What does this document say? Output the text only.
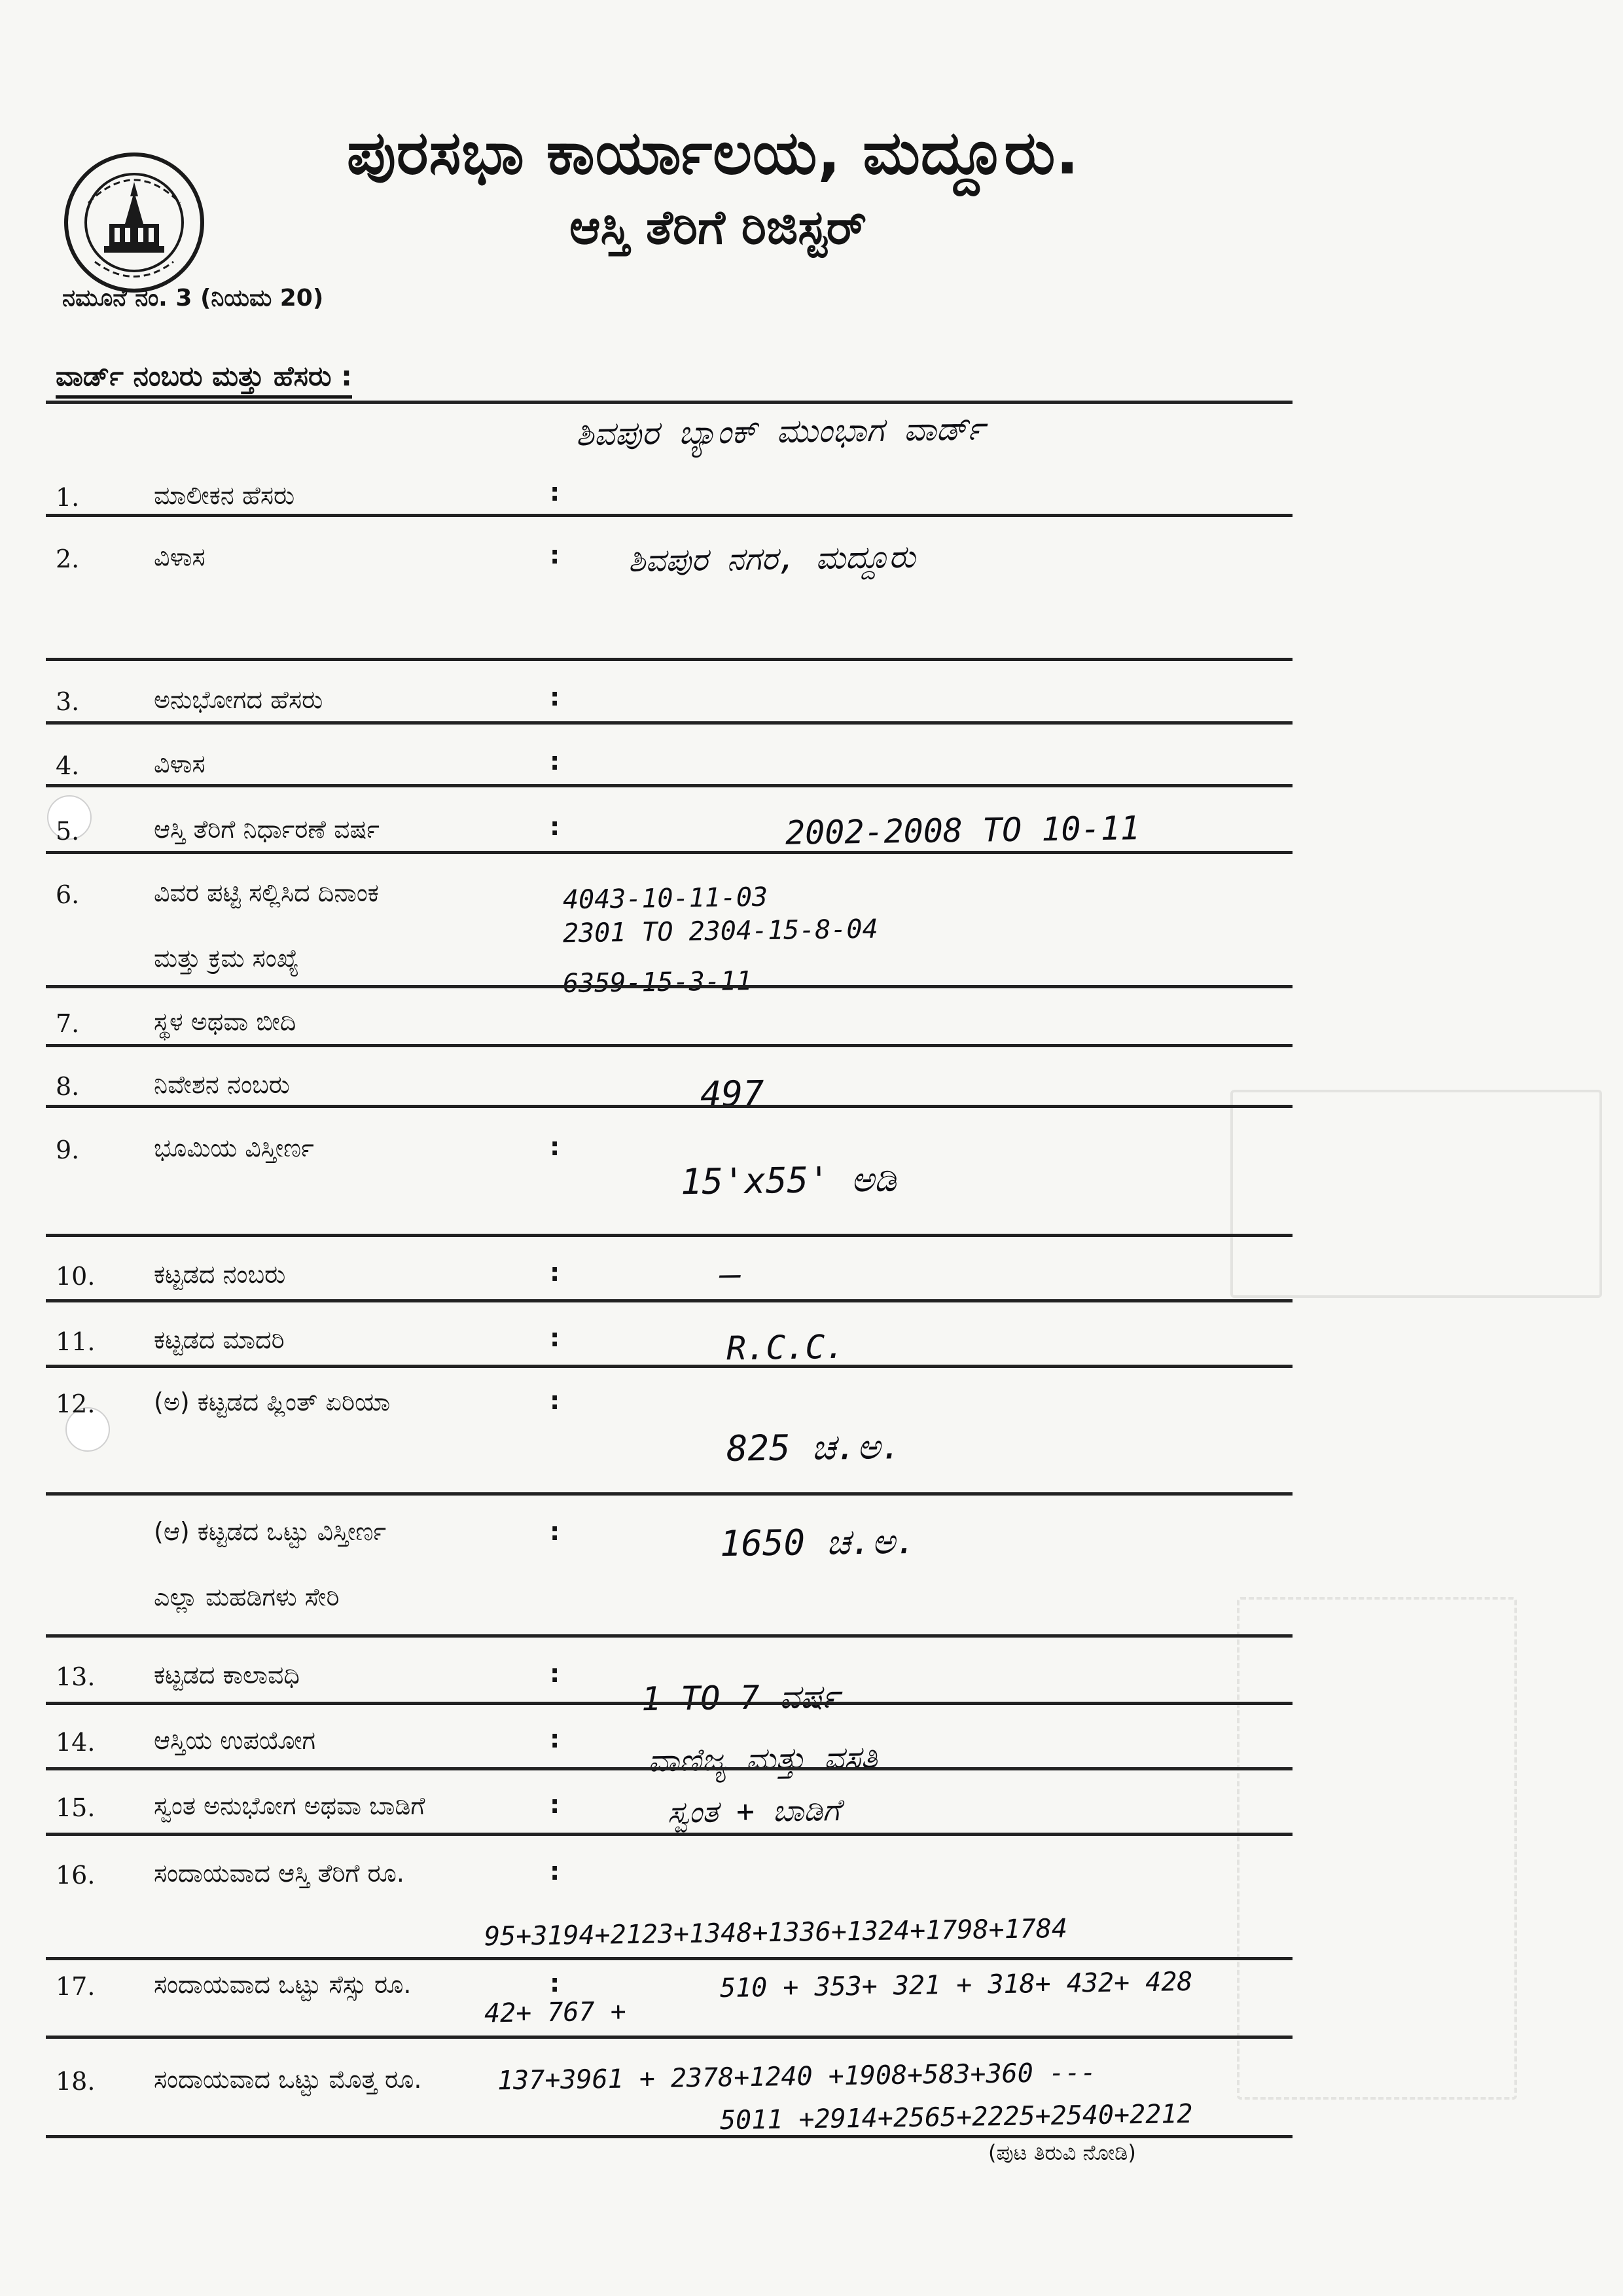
ಪುರಸಭಾ ಕಾರ್ಯಾಲಯ, ಮದ್ದೂರು.
ಆಸ್ತಿ ತೆರಿಗೆ ರಿಜಿಸ್ಟರ್
ನಮೂನೆ ನಂ. 3 (ನಿಯಮ 20)
ವಾರ್ಡ್ ನಂಬರು ಮತ್ತು ಹೆಸರು :
ಶಿವಪುರ ಬ್ಯಾಂಕ್ ಮುಂಭಾಗ ವಾರ್ಡ್
1.	ಮಾಲೀಕನ ಹೆಸರು	:
2.	ವಿಳಾಸ	: ಶಿವಪುರ ನಗರ, ಮದ್ದೂರು
3.	ಅನುಭೋಗದ ಹೆಸರು	:
4.	ವಿಳಾಸ	:
5.	ಆಸ್ತಿ ತೆರಿಗೆ ನಿರ್ಧಾರಣೆ ವರ್ಷ	:	2002-2008 TO 10-11
6.	ವಿವರ ಪಟ್ಟಿ ಸಲ್ಲಿಸಿದ ದಿನಾಂಕ
ಮತ್ತು ಕ್ರಮ ಸಂಖ್ಯೆ
4043-10-11-03
2301 TO 2304-15-8-04
6359-15-3-11
7.	ಸ್ಥಳ ಅಥವಾ ಬೀದಿ
8.	ನಿವೇಶನ ನಂಬರು	497
9.	ಭೂಮಿಯ ವಿಸ್ತೀರ್ಣ	:
15'x55' ಅಡಿ
10. ಕಟ್ಟಡದ ನಂಬರು	:	—
11. ಕಟ್ಟಡದ ಮಾದರಿ	:	R.C.C.
12. (ಅ) ಕಟ್ಟಡದ ಪ್ಲಿಂತ್ ಏರಿಯಾ	:
825 ಚ.ಅ.
(ಆ) ಕಟ್ಟಡದ ಒಟ್ಟು ವಿಸ್ತೀರ್ಣ
ಎಲ್ಲಾ ಮಹಡಿಗಳು ಸೇರಿ
:	1650 ಚ.ಅ.
13. ಕಟ್ಟಡದ ಕಾಲಾವಧಿ	:
1 TO 7 ವರ್ಷ
14. ಆಸ್ತಿಯ ಉಪಯೋಗ	:
ವಾಣಿಜ್ಯ ಮತ್ತು ವಸತಿ
15. ಸ್ವಂತ ಅನುಭೋಗ ಅಥವಾ ಬಾಡಿಗೆ	:	ಸ್ವಂತ + ಬಾಡಿಗೆ
16. ಸಂದಾಯವಾದ ಆಸ್ತಿ ತೆರಿಗೆ ರೂ.	:
95+3194+2123+1348+1336+1324+1798+1784
17. ಸಂದಾಯವಾದ ಒಟ್ಟು ಸೆಸ್ಸು ರೂ.	:	510 + 353+ 321 + 318+ 432+ 428
42+ 767 +
18. ಸಂದಾಯವಾದ ಒಟ್ಟು ಮೊತ್ತ ರೂ.	137+3961 + 2378+1240 +1908+583+360 ---
5011 +2914+2565+2225+2540+2212
(ಪುಟ ತಿರುವಿ ನೋಡಿ)
